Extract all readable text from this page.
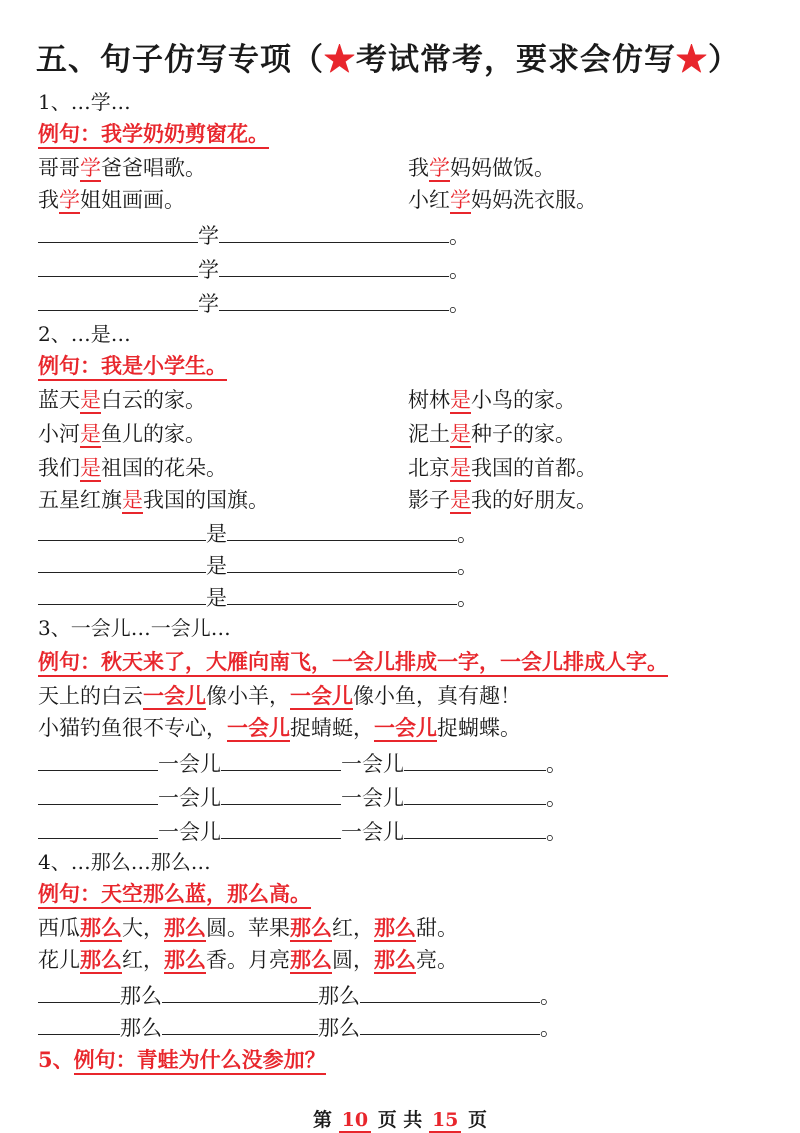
五、句子仿写专项（★考试常考，要求会仿写★）
1、…学…
例句：我学奶奶剪窗花。
哥哥学爸爸唱歌。	我学妈妈做饭。
我学姐姐画画。	小红学妈妈洗衣服。
学	。
学	。
学	。
2、…是…
例句：我是小学生。
蓝天是白云的家。	树林是小鸟的家。
小河是鱼儿的家。	泥土是种子的家。
我们是祖国的花朵。	北京是我国的首都。
五星红旗是我国的国旗。	影子是我的好朋友。
是	。
是	。
是	。
3、一会儿…一会儿…
例句：秋天来了，大雁向南飞，一会儿排成一字，一会儿排成人字。
天上的白云一会儿像小羊，一会儿像小鱼，真有趣！
小猫钓鱼很不专心，一会儿捉蜻蜓，一会儿捉蝴蝶。
一会儿	一会儿	。
一会儿	一会儿	。
一会儿	一会儿	。
4、…那么…那么…
例句：天空那么蓝，那么高。
西瓜那么大，那么圆。苹果那么红，那么甜。
花儿那么红，那么香。月亮那么圆，那么亮。
那么	那么	。
那么	那么	。
5、例句：青蛙为什么没参加？
第 10 页 共 15 页
